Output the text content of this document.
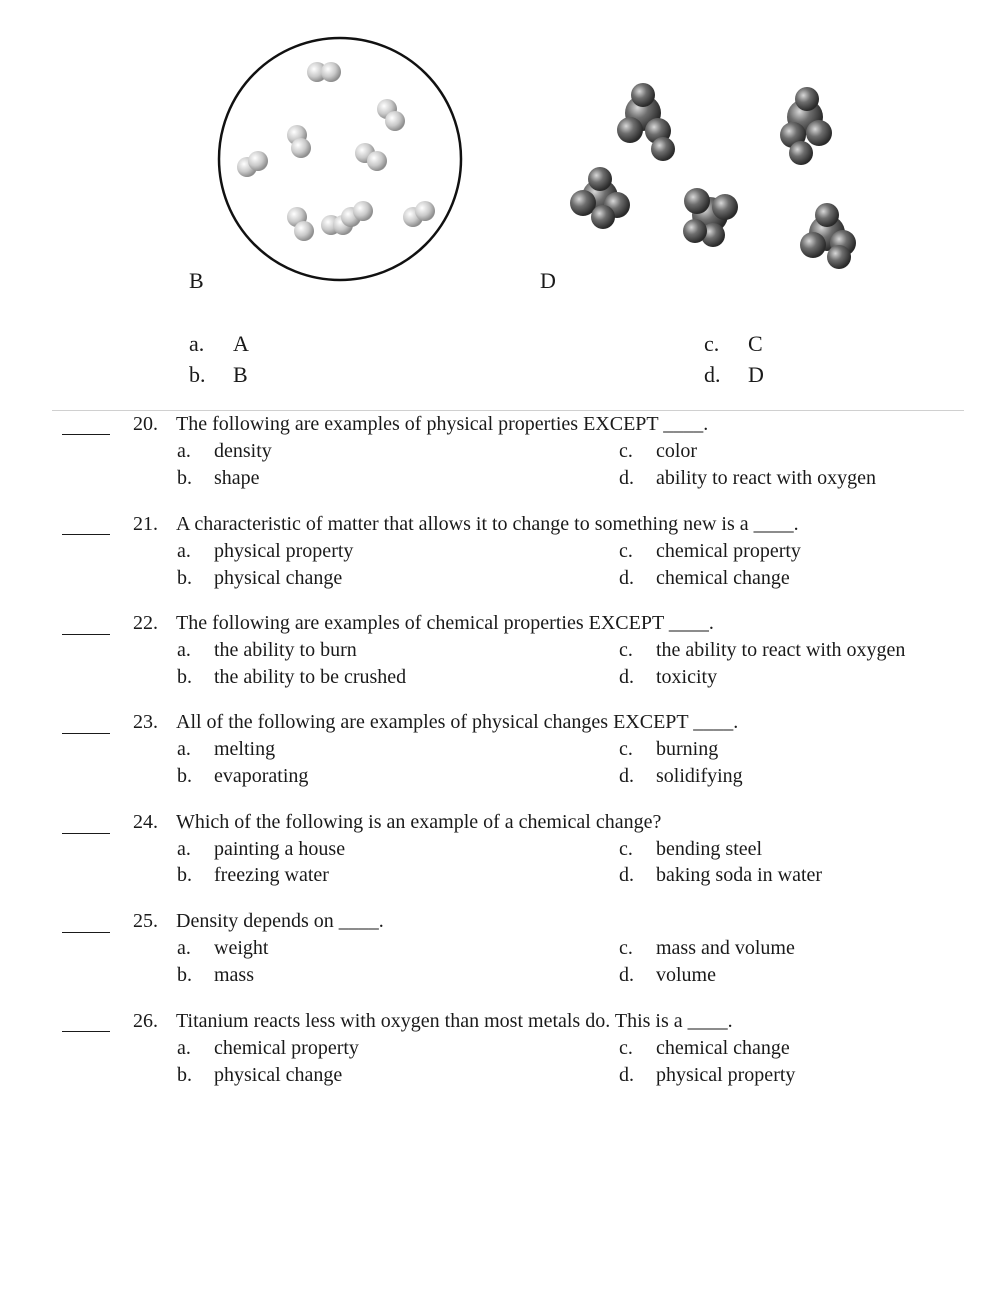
B	D
a. A
b. B
c. C
d. D
20. The following are examples of physical properties EXCEPT ____.
a. density
b. shape
c. color
d. ability to react with oxygen
21. A characteristic of matter that allows it to change to something new is a ____.
a. physical property
b. physical change
c. chemical property
d. chemical change
22. The following are examples of chemical properties EXCEPT ____.
a. the ability to burn
b. the ability to be crushed
c. the ability to react with oxygen
d. toxicity
23. All of the following are examples of physical changes EXCEPT ____.
a. melting
b. evaporating
c. burning
d. solidifying
24. Which of the following is an example of a chemical change?
a. painting a house
b. freezing water
c. bending steel
d. baking soda in water
25. Density depends on ____.
a. weight
b. mass
c. mass and volume
d. volume
26. Titanium reacts less with oxygen than most metals do. This is a ____.
a. chemical property
b. physical change
c. chemical change
d. physical property
